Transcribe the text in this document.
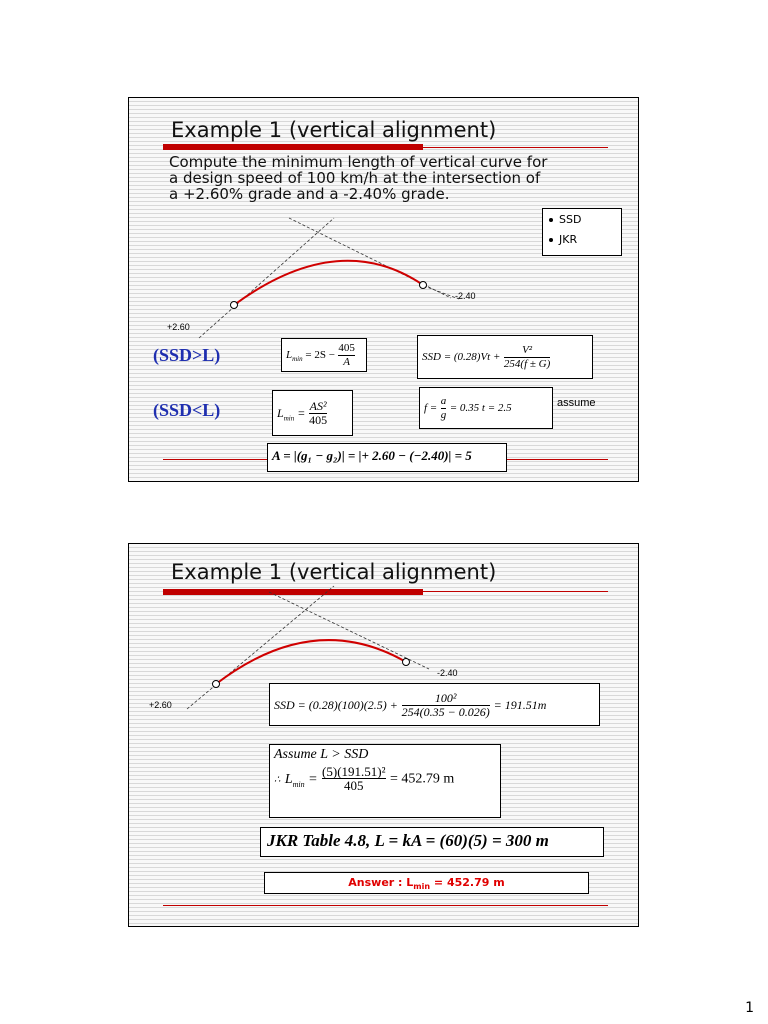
Example 1 (vertical alignment)
Compute the minimum length of vertical curve for
a design speed of 100 km/h at the intersection of
a +2.60% grade and a -2.40% grade.
SSD
JKR
+2.60
-2.40
(SSD>L)
(SSD<L)
$L_{min} = 2S - \frac{405}{A}$	SSD = $(0.28)Vt + \frac{\text{V²}}{254(f \pm G)}$
$L_{min} = \frac{\text{AS²}}{405}$	$f = \frac{a}{g} = 0.35$ t = 2.5	assume
A = |(g₁ − g₂)| = |+ 2.60 − (−2.40)| = 5
Example 1 (vertical alignment)
+2.60
-2.40
SSD = $(0.28)(100)(2.5) + \frac{\text{100²}}{254(0.35 - 0.026)} = 191.51m$
Assume L > SSD
∴ $L_{min} = \frac{\text{(5)(191.51)²}}{405} = 452.79$ m
JKR Table 4.8, L = kA = (60)(5) = 300 m
Answer : $L_{min} = 452.79$ m
1
